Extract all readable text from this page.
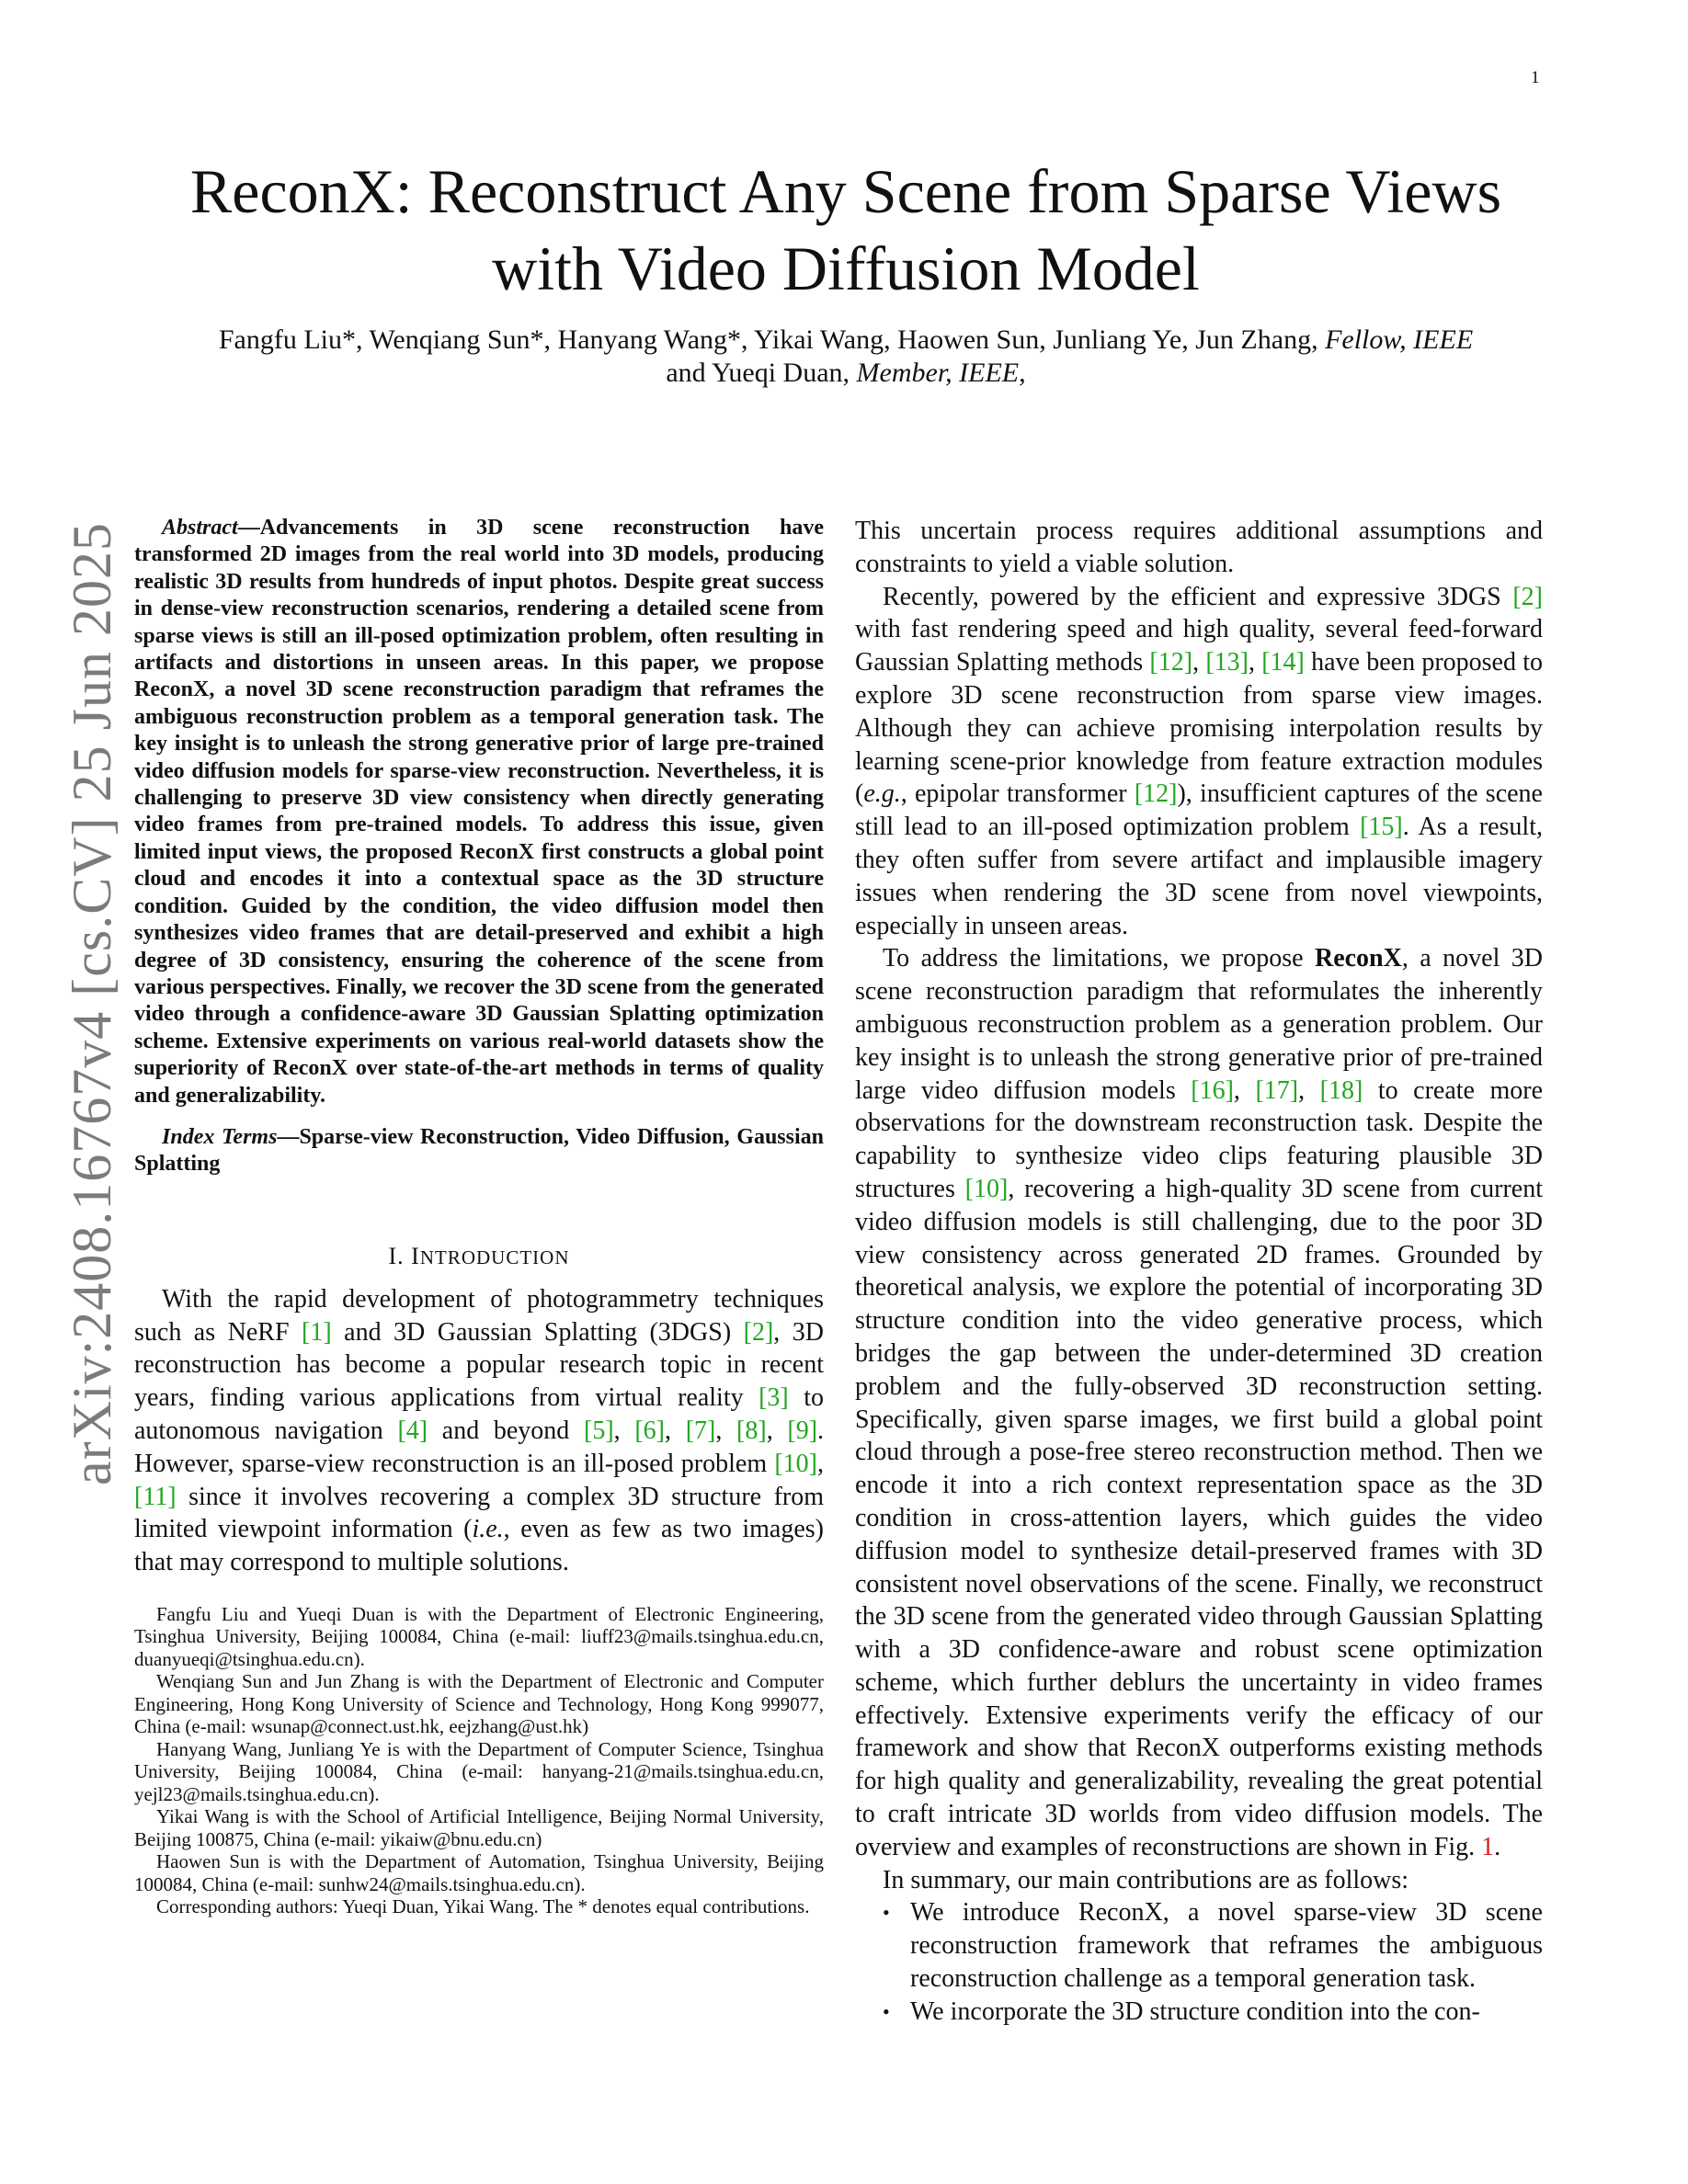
1
arXiv:2408.16767v4 [cs.CV] 25 Jun 2025
ReconX: Reconstruct Any Scene from Sparse Views
with Video Diffusion Model
Fangfu Liu*, Wenqiang Sun*, Hanyang Wang*, Yikai Wang, Haowen Sun, Junliang Ye, Jun Zhang, Fellow, IEEE
and Yueqi Duan, Member, IEEE,

Abstract—Advancements in 3D scene reconstruction have transformed 2D images from the real world into 3D models, producing realistic 3D results from hundreds of input photos. Despite great success in dense-view reconstruction scenarios, rendering a detailed scene from sparse views is still an ill-posed optimization problem, often resulting in artifacts and distortions in unseen areas. In this paper, we propose ReconX, a novel 3D scene reconstruction paradigm that reframes the ambiguous reconstruction problem as a temporal generation task. The key insight is to unleash the strong generative prior of large pre-trained video diffusion models for sparse-view reconstruction. Nevertheless, it is challenging to preserve 3D view consistency when directly generating video frames from pre-trained models. To address this issue, given limited input views, the proposed ReconX first constructs a global point cloud and encodes it into a contextual space as the 3D structure condition. Guided by the condition, the video diffusion model then synthesizes video frames that are detail-preserved and exhibit a high degree of 3D consistency, ensuring the coherence of the scene from various perspectives. Finally, we recover the 3D scene from the generated video through a confidence-aware 3D Gaussian Splatting optimization scheme. Extensive experiments on various real-world datasets show the superiority of ReconX over state-of-the-art methods in terms of quality and generalizability.

Index Terms—Sparse-view Reconstruction, Video Diffusion, Gaussian Splatting

I. INTRODUCTION

With the rapid development of photogrammetry techniques such as NeRF [1] and 3D Gaussian Splatting (3DGS) [2], 3D reconstruction has become a popular research topic in recent years, finding various applications from virtual reality [3] to autonomous navigation [4] and beyond [5], [6], [7], [8], [9]. However, sparse-view reconstruction is an ill-posed problem [10], [11] since it involves recovering a complex 3D structure from limited viewpoint information (i.e., even as few as two images) that may correspond to multiple solutions.

Fangfu Liu and Yueqi Duan is with the Department of Electronic Engineering, Tsinghua University, Beijing 100084, China (e-mail: liuff23@mails.tsinghua.edu.cn, duanyueqi@tsinghua.edu.cn).

Wenqiang Sun and Jun Zhang is with the Department of Electronic and Computer Engineering, Hong Kong University of Science and Technology, Hong Kong 999077, China (e-mail: wsunap@connect.ust.hk, eejzhang@ust.hk)

Hanyang Wang, Junliang Ye is with the Department of Computer Science, Tsinghua University, Beijing 100084, China (e-mail: hanyang-21@mails.tsinghua.edu.cn, yejl23@mails.tsinghua.edu.cn).

Yikai Wang is with the School of Artificial Intelligence, Beijing Normal University, Beijing 100875, China (e-mail: yikaiw@bnu.edu.cn)

Haowen Sun is with the Department of Automation, Tsinghua University, Beijing 100084, China (e-mail: sunhw24@mails.tsinghua.edu.cn).

Corresponding authors: Yueqi Duan, Yikai Wang. The * denotes equal contributions.

This uncertain process requires additional assumptions and constraints to yield a viable solution.

Recently, powered by the efficient and expressive 3DGS [2] with fast rendering speed and high quality, several feed-forward Gaussian Splatting methods [12], [13], [14] have been proposed to explore 3D scene reconstruction from sparse view images. Although they can achieve promising interpolation results by learning scene-prior knowledge from feature extraction modules (e.g., epipolar transformer [12]), insufficient captures of the scene still lead to an ill-posed optimization problem [15]. As a result, they often suffer from severe artifact and implausible imagery issues when rendering the 3D scene from novel viewpoints, especially in unseen areas.

To address the limitations, we propose ReconX, a novel 3D scene reconstruction paradigm that reformulates the inherently ambiguous reconstruction problem as a generation problem. Our key insight is to unleash the strong generative prior of pre-trained large video diffusion models [16], [17], [18] to create more observations for the downstream reconstruction task. Despite the capability to synthesize video clips featuring plausible 3D structures [10], recovering a high-quality 3D scene from current video diffusion models is still challenging, due to the poor 3D view consistency across generated 2D frames. Grounded by theoretical analysis, we explore the potential of incorporating 3D structure condition into the video generative process, which bridges the gap between the under-determined 3D creation problem and the fully-observed 3D reconstruction setting. Specifically, given sparse images, we first build a global point cloud through a pose-free stereo reconstruction method. Then we encode it into a rich context representation space as the 3D condition in cross-attention layers, which guides the video diffusion model to synthesize detail-preserved frames with 3D consistent novel observations of the scene. Finally, we reconstruct the 3D scene from the generated video through Gaussian Splatting with a 3D confidence-aware and robust scene optimization scheme, which further deblurs the uncertainty in video frames effectively. Extensive experiments verify the efficacy of our framework and show that ReconX outperforms existing methods for high quality and generalizability, revealing the great potential to craft intricate 3D worlds from video diffusion models. The overview and examples of reconstructions are shown in Fig. 1.

In summary, our main contributions are as follows:

• We introduce ReconX, a novel sparse-view 3D scene reconstruction framework that reframes the ambiguous reconstruction challenge as a temporal generation task.
• We incorporate the 3D structure condition into the con-
